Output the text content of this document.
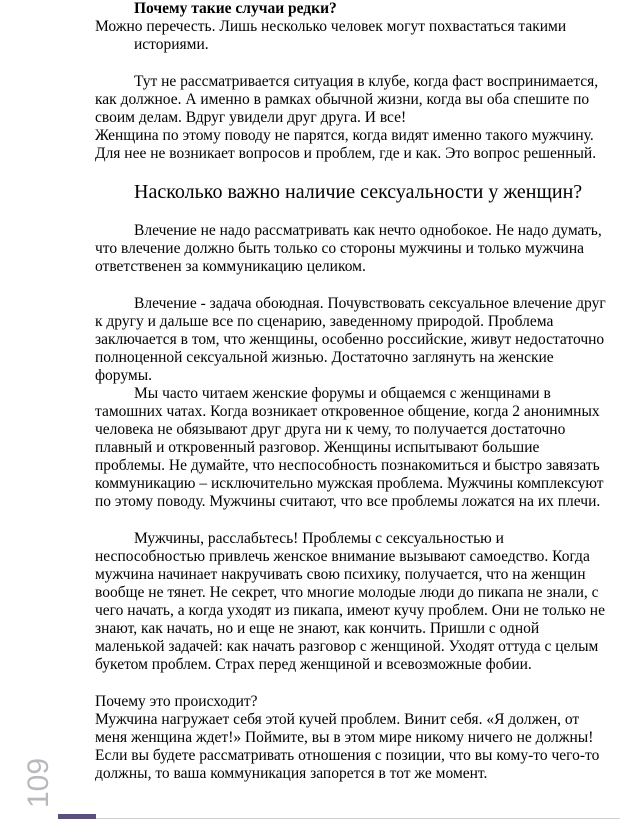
Почему такие случаи редки?
Можно перечесть. Лишь несколько человек могут похвастаться такими
историями.
Тут не рассматривается ситуация в клубе, когда фаст воспринимается,
как должное. А именно в рамках обычной жизни, когда вы оба спешите по
своим делам. Вдруг увидели друг друга. И все!
Женщина по этому поводу не парятся, когда видят именно такого мужчину.
Для нее не возникает вопросов и проблем, где и как. Это вопрос решенный.
Насколько важно наличие сексуальности у женщин?
Влечение не надо рассматривать как нечто однобокое. Не надо думать,
что влечение должно быть только со стороны мужчины и только мужчина
ответственен за коммуникацию целиком.
Влечение - задача обоюдная. Почувствовать сексуальное влечение друг
к другу и дальше все по сценарию, заведенному природой. Проблема
заключается в том, что женщины, особенно российские, живут недостаточно
полноценной сексуальной жизнью. Достаточно заглянуть на женские
форумы.
Мы часто читаем женские форумы и общаемся с женщинами в
тамошних чатах. Когда возникает откровенное общение, когда 2 анонимных
человека не обязывают друг друга ни к чему, то получается достаточно
плавный и откровенный разговор. Женщины испытывают большие
проблемы. Не думайте, что неспособность познакомиться и быстро завязать
коммуникацию – исключительно мужская проблема. Мужчины комплексуют
по этому поводу. Мужчины считают, что все проблемы ложатся на их плечи.
Мужчины, расслабьтесь! Проблемы с сексуальностью и
неспособностью привлечь женское внимание вызывают самоедство. Когда
мужчина начинает накручивать свою психику, получается, что на женщин
вообще не тянет. Не секрет, что многие молодые люди до пикапа не знали, с
чего начать, а когда уходят из пикапа, имеют кучу проблем. Они не только не
знают, как начать, но и еще не знают, как кончить. Пришли с одной
маленькой задачей: как начать разговор с женщиной. Уходят оттуда с целым
букетом проблем. Страх перед женщиной и всевозможные фобии.
Почему это происходит?
Мужчина нагружает себя этой кучей проблем. Винит себя. «Я должен, от
меня женщина ждет!» Поймите, вы в этом мире никому ничего не должны!
Если вы будете рассматривать отношения с позиции, что вы кому-то чего-то
должны, то ваша коммуникация запорется в тот же момент.
109
